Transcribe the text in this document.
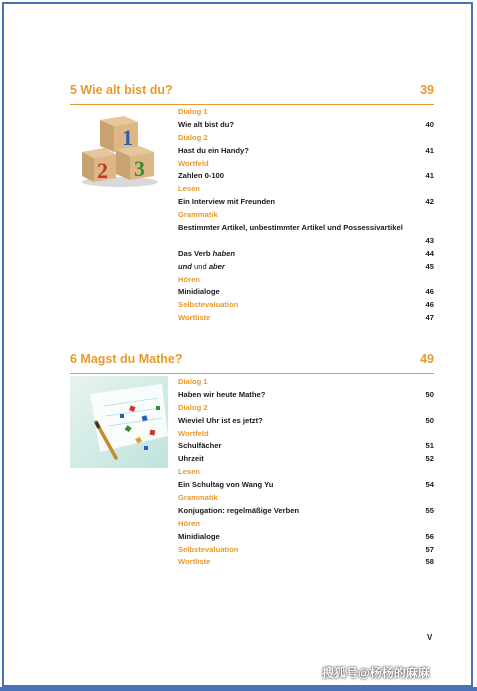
5 Wie alt bist du?	39
1
2 3
Dialog 1
Wie alt bist du?	40
Dialog 2
Hast du ein Handy?	41
Wortfeld
Zahlen 0-100	41
Lesen
Ein Interview mit Freunden	42
Grammatik
Bestimmter Artikel, unbestimmter Artikel und Possessivartikel
43
Das Verb haben	44
und und aber	45
Hören
Minidialoge	46
Selbstevaluation	46
Wortliste	47
6 Magst du Mathe?	49
Dialog 1
Haben wir heute Mathe?	50
Dialog 2
Wieviel Uhr ist es jetzt?	50
Wortfeld
Schulfächer	51
Uhrzeit	52
Lesen
Ein Schultag von Wang Yu	54
Grammatik
Konjugation: regelmäßige Verben	55
Hören
Minidialoge	56
Selbstevaluation	57
Wortliste	58
V
搜狐号@杨杨的麻麻
